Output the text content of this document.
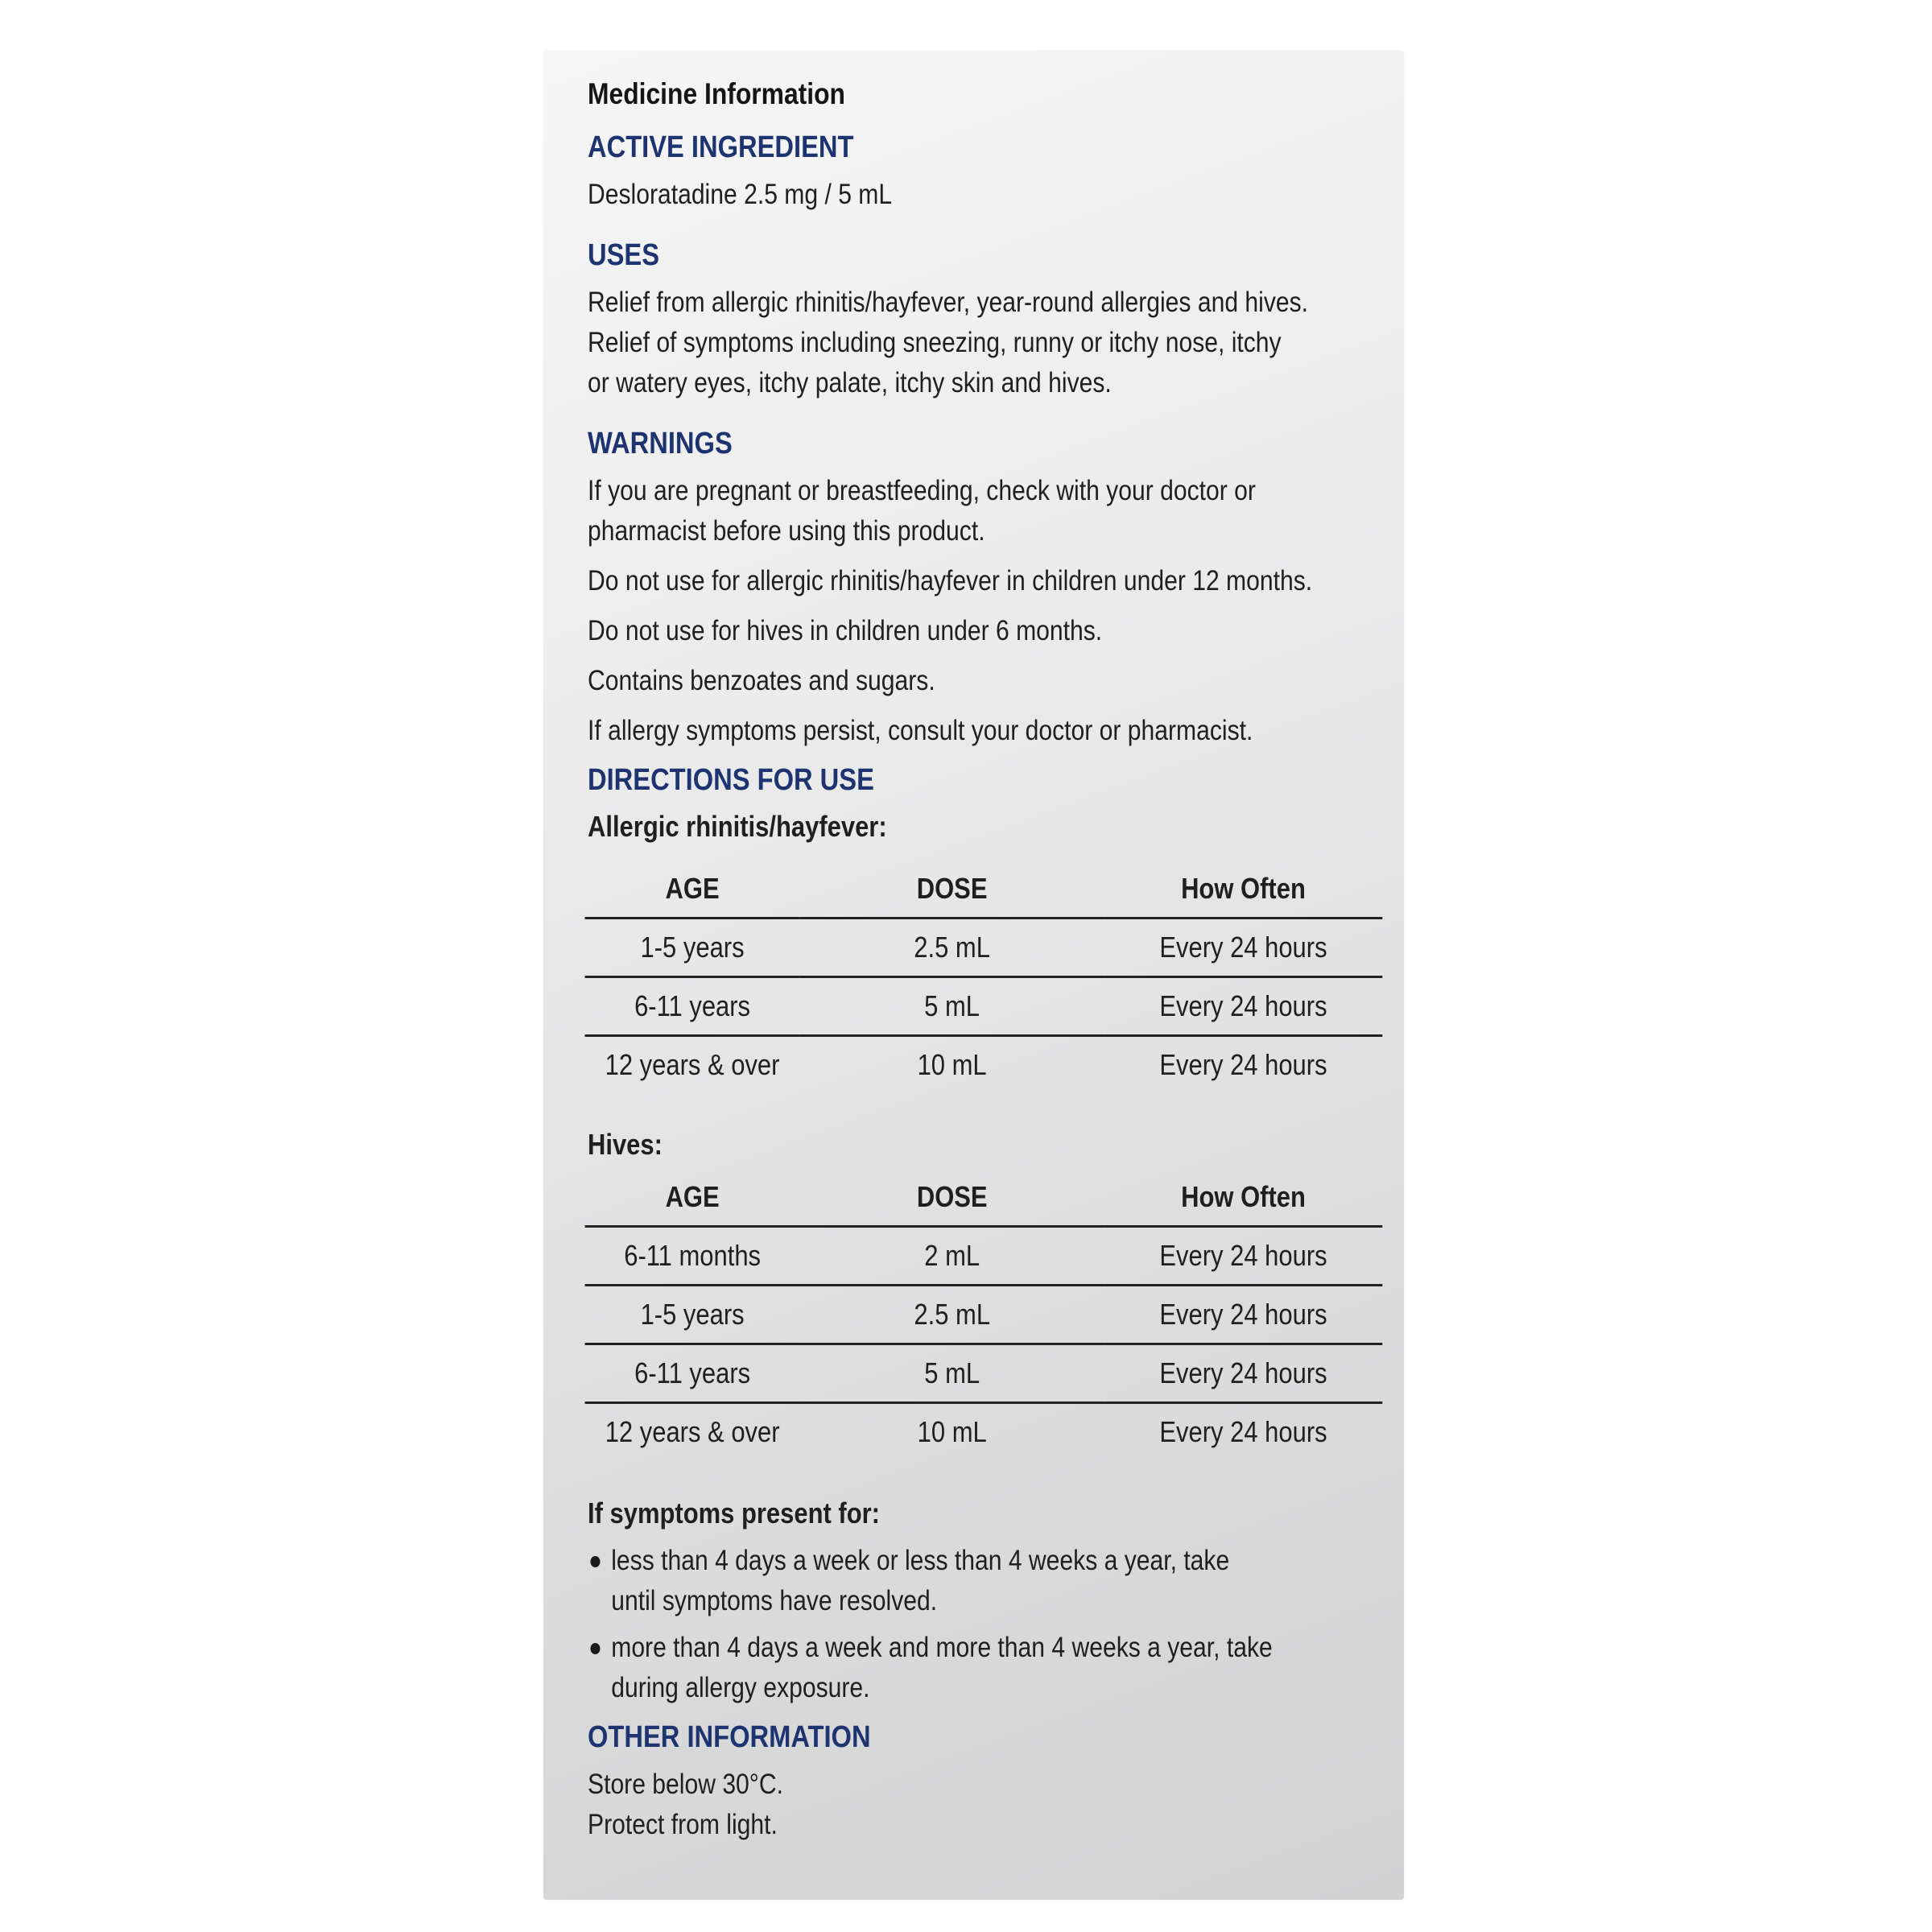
Medicine Information
ACTIVE INGREDIENT
Desloratadine 2.5 mg / 5 mL
USES
Relief from allergic rhinitis/hayfever, year-round allergies and hives.
Relief of symptoms including sneezing, runny or itchy nose, itchy or watery eyes, itchy palate, itchy skin and hives.
WARNINGS
If you are pregnant or breastfeeding, check with your doctor or pharmacist before using this product.
Do not use for allergic rhinitis/hayfever in children under 12 months.
Do not use for hives in children under 6 months.
Contains benzoates and sugars.
If allergy symptoms persist, consult your doctor or pharmacist.
DIRECTIONS FOR USE
Allergic rhinitis/hayfever:
AGE	DOSE	How Often
1-5 years	2.5 mL	Every 24 hours
6-11 years	5 mL	Every 24 hours
12 years & over	10 mL	Every 24 hours
Hives:
AGE	DOSE	How Often
6-11 months	2 mL	Every 24 hours
1-5 years	2.5 mL	Every 24 hours
6-11 years	5 mL	Every 24 hours
12 years & over	10 mL	Every 24 hours
If symptoms present for:
less than 4 days a week or less than 4 weeks a year, take until symptoms have resolved.
more than 4 days a week and more than 4 weeks a year, take during allergy exposure.
OTHER INFORMATION
Store below 30°C.
Protect from light.
